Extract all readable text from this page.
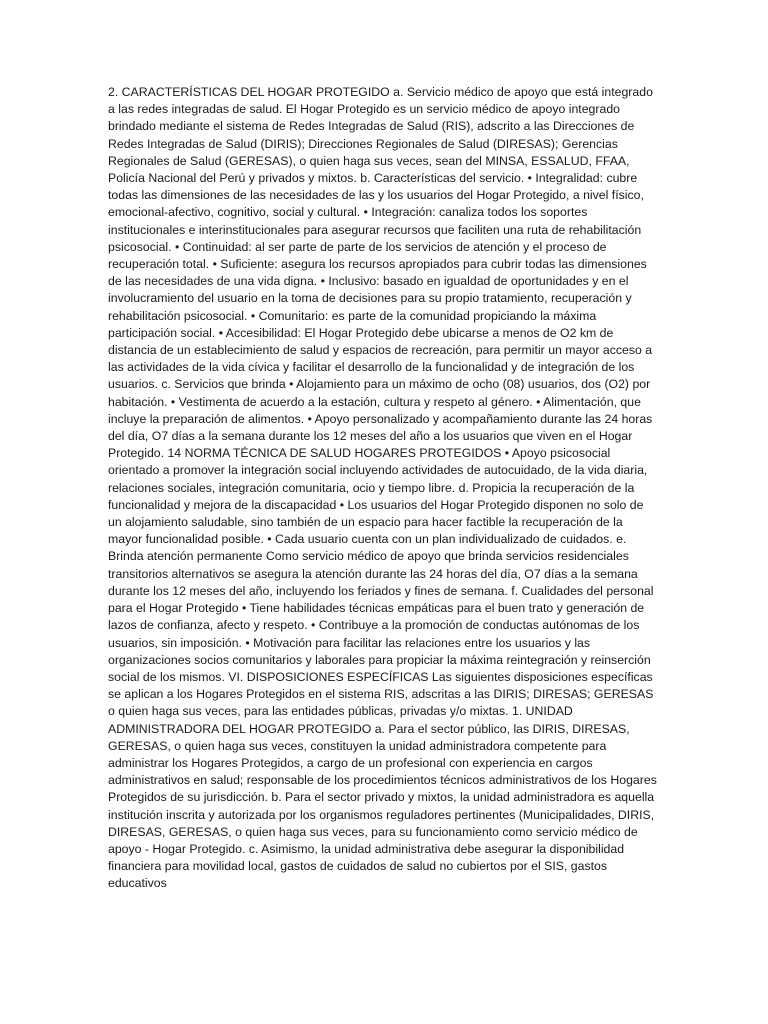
2. CARACTERÍSTICAS DEL HOGAR PROTEGIDO a. Servicio médico de apoyo que está integrado a las redes integradas de salud. El Hogar Protegido es un servicio médico de apoyo integrado brindado mediante el sistema de Redes Integradas de Salud (RIS), adscrito a las Direcciones de Redes Integradas de Salud (DIRIS); Direcciones Regionales de Salud (DIRESAS); Gerencias Regionales de Salud (GERESAS), o quien haga sus veces, sean del MINSA, ESSALUD, FFAA, Policía Nacional del Perú y privados y mixtos. b. Características del servicio. • Integralidad: cubre todas las dimensiones de las necesidades de las y los usuarios del Hogar Protegido, a nivel físico, emocional-afectivo, cognitivo, social y cultural. • Integración: canaliza todos los soportes institucionales e interinstitucionales para asegurar recursos que faciliten una ruta de rehabilitación psicosocial. • Continuidad: al ser parte de parte de los servicios de atención y el proceso de recuperación total. • Suficiente: asegura los recursos apropiados para cubrir todas las dimensiones de las necesidades de una vida digna. • Inclusivo: basado en igualdad de oportunidades y en el involucramiento del usuario en la toma de decisiones para su propio tratamiento, recuperación y rehabilitación psicosocial. • Comunitario: es parte de la comunidad propiciando la máxima participación social. • Accesibilidad: El Hogar Protegido debe ubicarse a menos de O2 km de distancia de un establecimiento de salud y espacios de recreación, para permitir un mayor acceso a las actividades de la vida cívica y facilitar el desarrollo de la funcionalidad y de integración de los usuarios. c. Servicios que brinda • Alojamiento para un máximo de ocho (08) usuarios, dos (O2) por habitación. • Vestimenta de acuerdo a la estación, cultura y respeto al género. • Alimentación, que incluye la preparación de alimentos. • Apoyo personalizado y acompañamiento durante las 24 horas del día, O7 días a la semana durante los 12 meses del año a los usuarios que viven en el Hogar Protegido. 14 NORMA TÉCNICA DE SALUD HOGARES PROTEGIDOS • Apoyo psicosocial orientado a promover la integración social incluyendo actividades de autocuidado, de la vida diaria, relaciones sociales, integración comunitaria, ocio y tiempo libre. d. Propicia la recuperación de la funcionalidad y mejora de la discapacidad • Los usuarios del Hogar Protegido disponen no solo de un alojamiento saludable, sino también de un espacio para hacer factible la recuperación de la mayor funcionalidad posible. • Cada usuario cuenta con un plan individualizado de cuidados. e. Brinda atención permanente Como servicio médico de apoyo que brinda servicios residenciales transitorios alternativos se asegura la atención durante las 24 horas del día, O7 días a la semana durante los 12 meses del año, incluyendo los feriados y fines de semana. f. Cualidades del personal para el Hogar Protegido • Tiene habilidades técnicas empáticas para el buen trato y generación de lazos de confianza, afecto y respeto. • Contribuye a la promoción de conductas autónomas de los usuarios, sin imposición. • Motivación para facilitar las relaciones entre los usuarios y las organizaciones socios comunitarios y laborales para propiciar la máxima reintegración y reinserción social de los mismos. VI. DISPOSICIONES ESPECÍFICAS Las siguientes disposiciones específicas se aplican a los Hogares Protegidos en el sistema RIS, adscritas a las DIRIS; DIRESAS; GERESAS o quien haga sus veces, para las entidades públicas, privadas y/o mixtas. 1. UNIDAD ADMINISTRADORA DEL HOGAR PROTEGIDO a. Para el sector público, las DIRIS, DIRESAS, GERESAS, o quien haga sus veces, constituyen la unidad administradora competente para administrar los Hogares Protegidos, a cargo de un profesional con experiencia en cargos administrativos en salud; responsable de los procedimientos técnicos administrativos de los Hogares Protegidos de su jurisdicción. b. Para el sector privado y mixtos, la unidad administradora es aquella institución inscrita y autorizada por los organismos reguladores pertinentes (Municipalidades, DIRIS, DIRESAS, GERESAS, o quien haga sus veces, para su funcionamiento como servicio médico de apoyo - Hogar Protegido. c. Asimismo, la unidad administrativa debe asegurar la disponibilidad financiera para movilidad local, gastos de cuidados de salud no cubiertos por el SIS, gastos educativos
